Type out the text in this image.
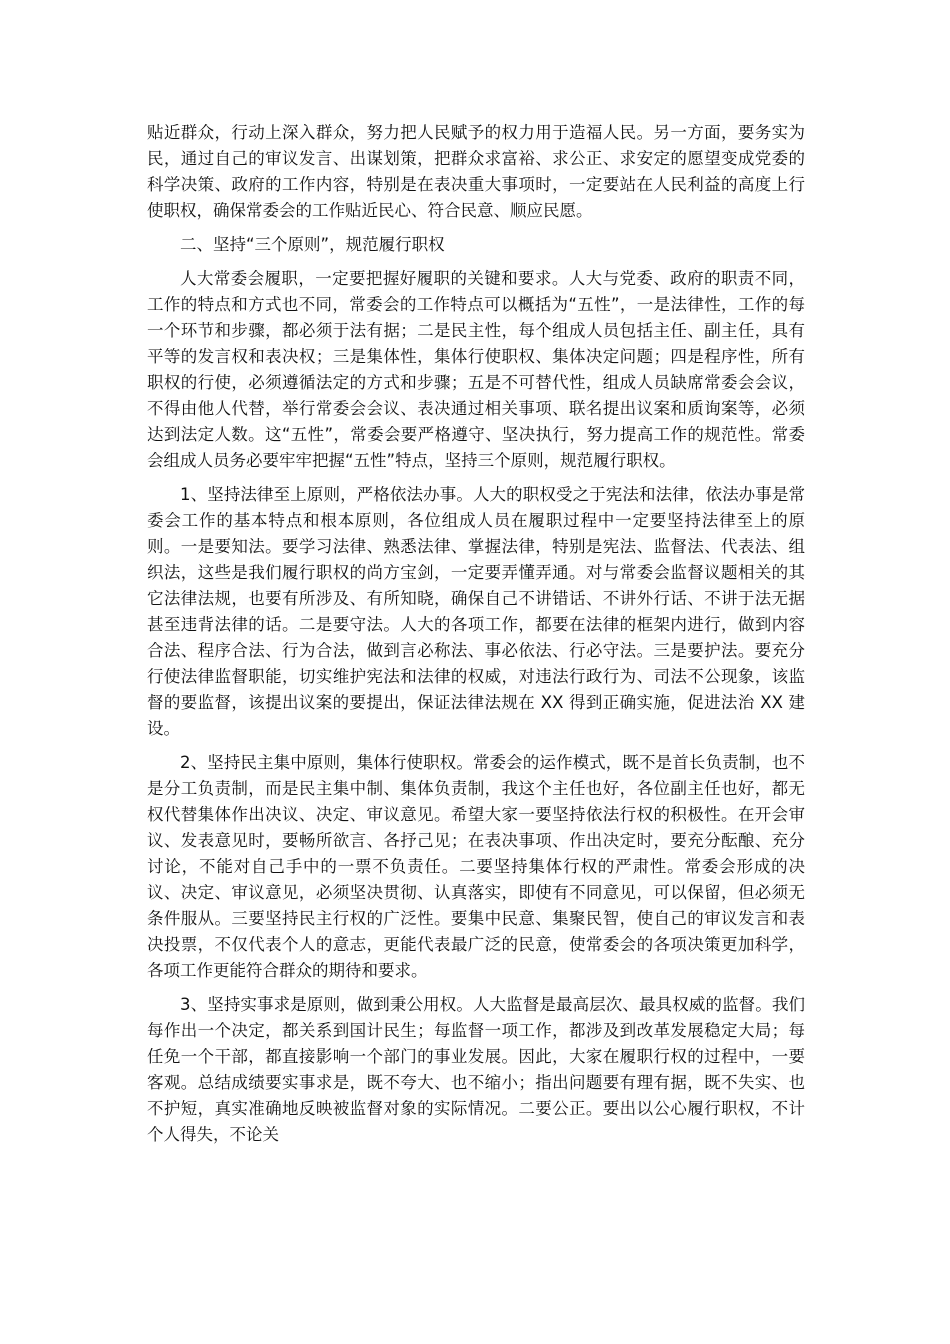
贴近群众，行动上深入群众，努力把人民赋予的权力用于造福人民。另一方面，要务实为民，通过自己的审议发言、出谋划策，把群众求富裕、求公正、求安定的愿望变成党委的科学决策、政府的工作内容，特别是在表决重大事项时，一定要站在人民利益的高度上行使职权，确保常委会的工作贴近民心、符合民意、顺应民愿。

二、坚持“三个原则”，规范履行职权

人大常委会履职，一定要把握好履职的关键和要求。人大与党委、政府的职责不同，工作的特点和方式也不同，常委会的工作特点可以概括为“五性”，一是法律性，工作的每一个环节和步骤，都必须于法有据；二是民主性，每个组成人员包括主任、副主任，具有平等的发言权和表决权；三是集体性，集体行使职权、集体决定问题；四是程序性，所有职权的行使，必须遵循法定的方式和步骤；五是不可替代性，组成人员缺席常委会会议，不得由他人代替，举行常委会会议、表决通过相关事项、联名提出议案和质询案等，必须达到法定人数。这“五性”，常委会要严格遵守、坚决执行，努力提高工作的规范性。常委会组成人员务必要牢牢把握“五性”特点，坚持三个原则，规范履行职权。

1、坚持法律至上原则，严格依法办事。人大的职权受之于宪法和法律，依法办事是常委会工作的基本特点和根本原则，各位组成人员在履职过程中一定要坚持法律至上的原则。一是要知法。要学习法律、熟悉法律、掌握法律，特别是宪法、监督法、代表法、组织法，这些是我们履行职权的尚方宝剑，一定要弄懂弄通。对与常委会监督议题相关的其它法律法规，也要有所涉及、有所知晓，确保自己不讲错话、不讲外行话、不讲于法无据甚至违背法律的话。二是要守法。人大的各项工作，都要在法律的框架内进行，做到内容合法、程序合法、行为合法，做到言必称法、事必依法、行必守法。三是要护法。要充分行使法律监督职能，切实维护宪法和法律的权威，对违法行政行为、司法不公现象，该监督的要监督，该提出议案的要提出，保证法律法规在 XX 得到正确实施，促进法治 XX 建设。

2、坚持民主集中原则，集体行使职权。常委会的运作模式，既不是首长负责制，也不是分工负责制，而是民主集中制、集体负责制，我这个主任也好，各位副主任也好，都无权代替集体作出决议、决定、审议意见。希望大家一要坚持依法行权的积极性。在开会审议、发表意见时，要畅所欲言、各抒己见；在表决事项、作出决定时，要充分酝酿、充分讨论，不能对自己手中的一票不负责任。二要坚持集体行权的严肃性。常委会形成的决议、决定、审议意见，必须坚决贯彻、认真落实，即使有不同意见，可以保留，但必须无条件服从。三要坚持民主行权的广泛性。要集中民意、集聚民智，使自己的审议发言和表决投票，不仅代表个人的意志，更能代表最广泛的民意，使常委会的各项决策更加科学，各项工作更能符合群众的期待和要求。

3、坚持实事求是原则，做到秉公用权。人大监督是最高层次、最具权威的监督。我们每作出一个决定，都关系到国计民生；每监督一项工作，都涉及到改革发展稳定大局；每任免一个干部，都直接影响一个部门的事业发展。因此，大家在履职行权的过程中，一要客观。总结成绩要实事求是，既不夸大、也不缩小；指出问题要有理有据，既不失实、也不护短，真实准确地反映被监督对象的实际情况。二要公正。要出以公心履行职权，不计个人得失，不论关
